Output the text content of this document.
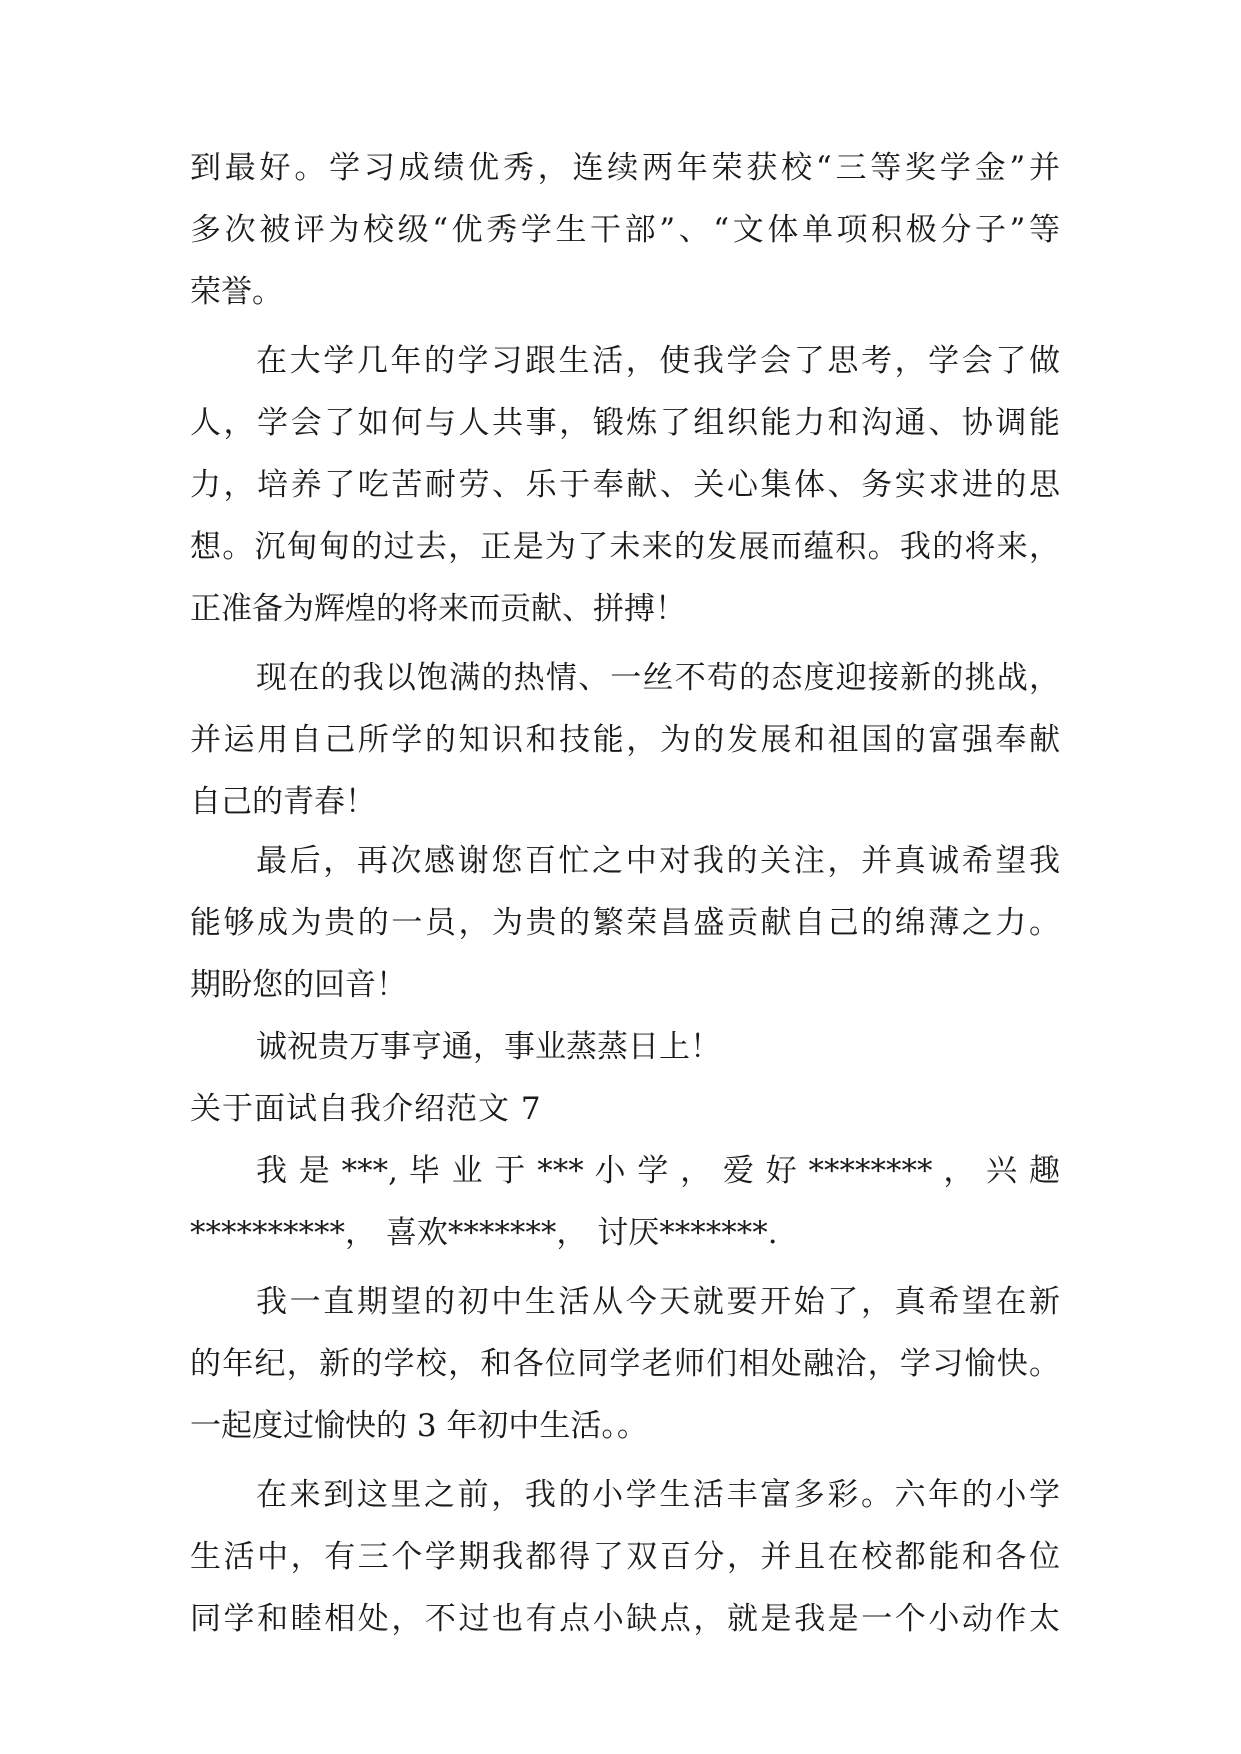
到最好。学习成绩优秀，连续两年荣获校“三等奖学金”并
多次被评为校级“优秀学生干部”、“文体单项积极分子”等
荣誉。
在大学几年的学习跟生活，使我学会了思考，学会了做
人，学会了如何与人共事，锻炼了组织能力和沟通、协调能
力，培养了吃苦耐劳、乐于奉献、关心集体、务实求进的思
想。沉甸甸的过去，正是为了未来的发展而蕴积。我的将来，
正准备为辉煌的将来而贡献、拼搏！
现在的我以饱满的热情、一丝不苟的态度迎接新的挑战，
并运用自己所学的知识和技能，为的发展和祖国的富强奉献
自己的青春！
最后，再次感谢您百忙之中对我的关注，并真诚希望我
能够成为贵的一员，为贵的繁荣昌盛贡献自己的绵薄之力。
期盼您的回音！
诚祝贵万事亨通，事业蒸蒸日上！
关于面试自我介绍范文 7
我 是 ***, 毕 业 于 *** 小 学 ， 爱 好 ******** ， 兴 趣
**********， 喜欢*******， 讨厌*******.
我一直期望的初中生活从今天就要开始了，真希望在新
的年纪，新的学校，和各位同学老师们相处融洽，学习愉快。
一起度过愉快的 3 年初中生活。。
在来到这里之前，我的小学生活丰富多彩。六年的小学
生活中，有三个学期我都得了双百分，并且在校都能和各位
同学和睦相处，不过也有点小缺点，就是我是一个小动作太
